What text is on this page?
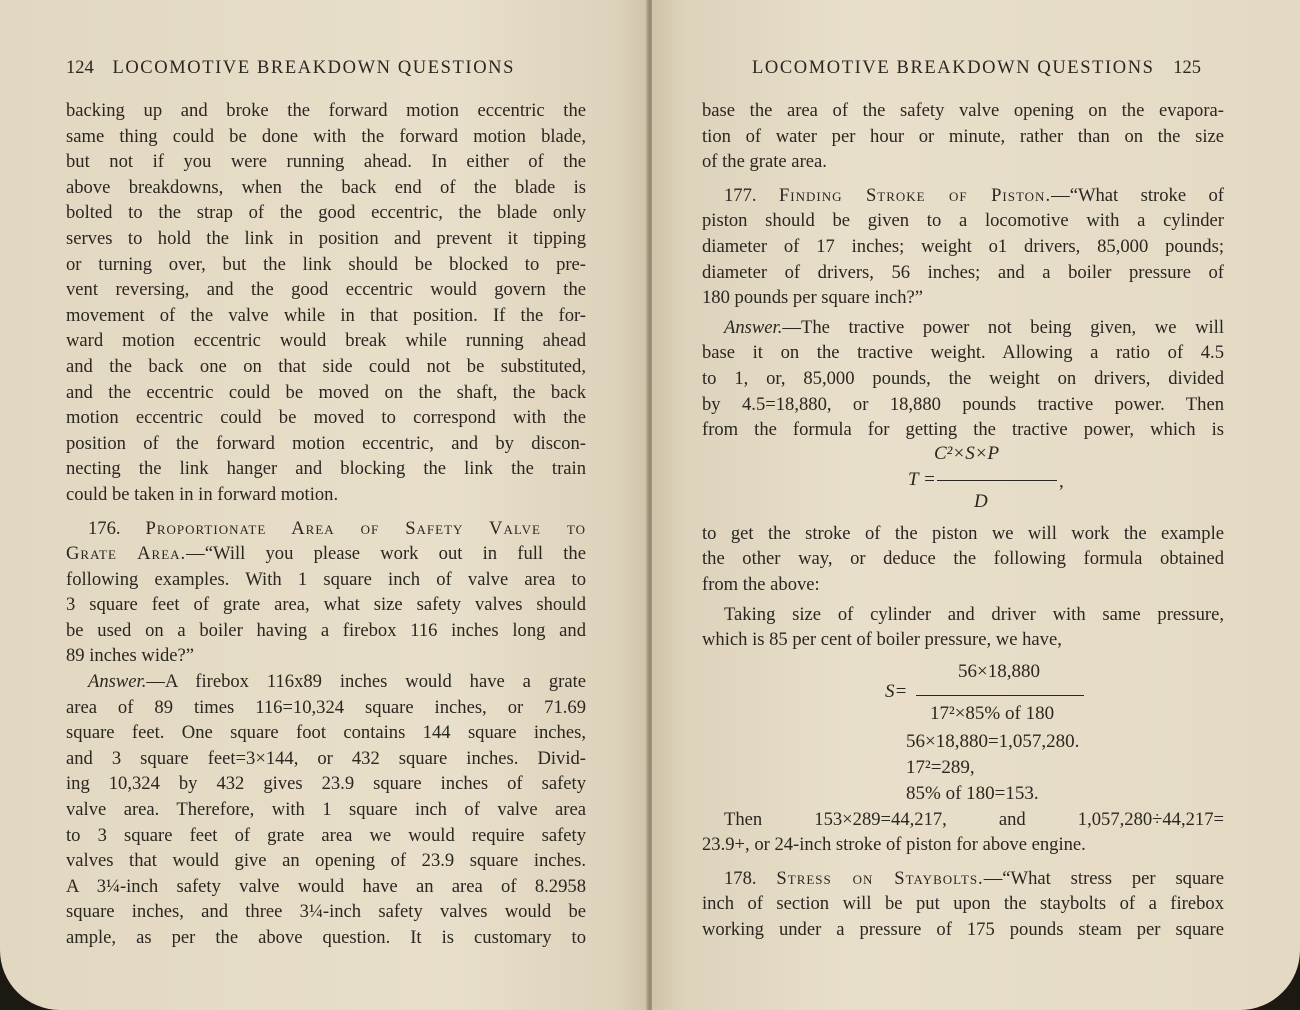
124 LOCOMOTIVE BREAKDOWN QUESTIONS

backing up and broke the forward motion eccentric the
same thing could be done with the forward motion blade,
but not if you were running ahead. In either of the
above breakdowns, when the back end of the blade is
bolted to the strap of the good eccentric, the blade only
serves to hold the link in position and prevent it tipping
or turning over, but the link should be blocked to pre-
vent reversing, and the good eccentric would govern the
movement of the valve while in that position. If the for-
ward motion eccentric would break while running ahead
and the back one on that side could not be substituted,
and the eccentric could be moved on the shaft, the back
motion eccentric could be moved to correspond with the
position of the forward motion eccentric, and by discon-
necting the link hanger and blocking the link the train
could be taken in in forward motion.

176. Proportionate Area of Safety Valve to
Grate Area.—“Will you please work out in full the
following examples. With 1 square inch of valve area to
3 square feet of grate area, what size safety valves should
be used on a boiler having a firebox 116 inches long and
89 inches wide?”

Answer.—A firebox 116x89 inches would have a grate
area of 89 times 116=10,324 square inches, or 71.69
square feet. One square foot contains 144 square inches,
and 3 square feet=3×144, or 432 square inches. Divid-
ing 10,324 by 432 gives 23.9 square inches of safety
valve area. Therefore, with 1 square inch of valve area
to 3 square feet of grate area we would require safety
valves that would give an opening of 23.9 square inches.
A 3¼-inch safety valve would have an area of 8.2958
square inches, and three 3¼-inch safety valves would be
ample, as per the above question. It is customary to

LOCOMOTIVE BREAKDOWN QUESTIONS 125

base the area of the safety valve opening on the evapora-
tion of water per hour or minute, rather than on the size
of the grate area.

177. Finding Stroke of Piston.—“What stroke of
piston should be given to a locomotive with a cylinder
diameter of 17 inches; weight o1 drivers, 85,000 pounds;
diameter of drivers, 56 inches; and a boiler pressure of
180 pounds per square inch?”

Answer.—The tractive power not being given, we will
base it on the tractive weight. Allowing a ratio of 4.5
to 1, or, 85,000 pounds, the weight on drivers, divided
by 4.5=18,880, or 18,880 pounds tractive power. Then
from the formula for getting the tractive power, which is

T =
C²×S×P
D
,

to get the stroke of the piston we will work the example
the other way, or deduce the following formula obtained
from the above:

Taking size of cylinder and driver with same pressure,
which is 85 per cent of boiler pressure, we have,

S=
56×18,880
17²×85% of 180
56×18,880=1,057,280.
17²=289,
85% of 180=153.

Then 153×289=44,217, and 1,057,280÷44,217=
23.9+, or 24-inch stroke of piston for above engine.

178. Stress on Staybolts.—“What stress per square
inch of section will be put upon the staybolts of a firebox
working under a pressure of 175 pounds steam per square
